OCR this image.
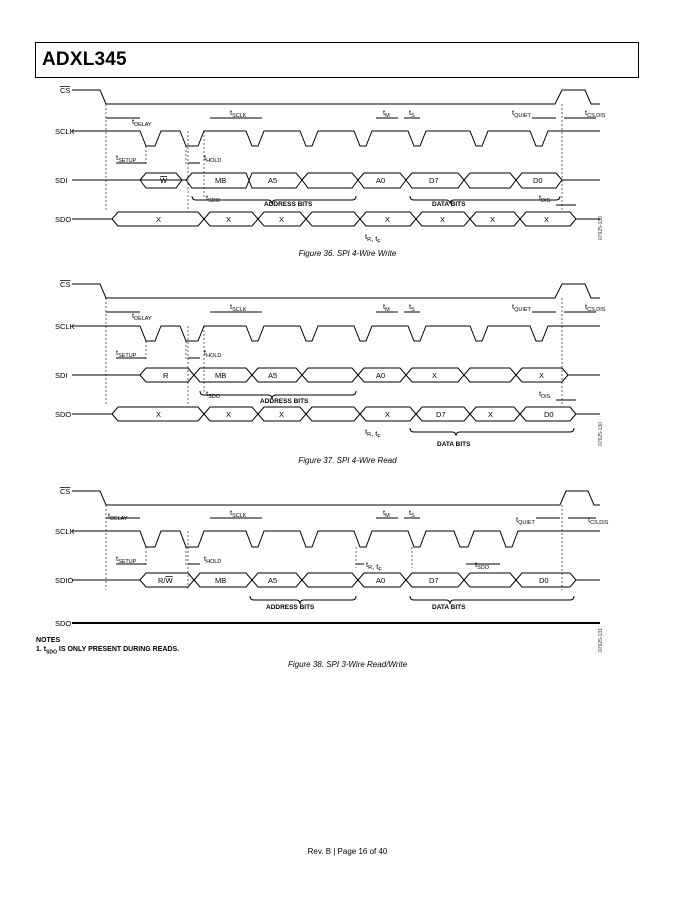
ADXL345
CS
SCLK
SDI
SDO
W	MB	A5	A0	D7	D0
X	X	X	X	X	X	X
ADDRESS BITS	DATA BITS
$t_{DELAY}$
$t_{SCLK}$	$t_M$	$t_S$	$t_{QUIET}$	$t_{CS,DIS}$
$t_{SETUP}$	$t_{HOLD}$
$t_{SDO}$	$t_{DIS}$
$t_R$, $t_F$
Figure 36. SPI 4-Wire Write
07925-130
CS
SCLK
SDI
SDO
R	MB	A5	A0	X	X
X	X	X	X	D7	X	D0
ADDRESS BITS
DATA BITS
$t_{DELAY}$
$t_{SCLK}$	$t_M$	$t_S$	$t_{QUIET}$	$t_{CS,DIS}$
$t_{SETUP}$	$t_{HOLD}$
$t_{SDO}$	$t_{DIS}$
$t_R$, $t_F$
Figure 37. SPI 4-Wire Read
07925-130
CS
SCLK
SDIO
SDO
R/W	MB	A5	A0	D7	D0
ADDRESS BITS	DATA BITS
$t_{DELAY}$
$t_{SCLK}$	$t_M$	$t_S$	$t_{QUIET}$	$t_{CS,DIS}$
$t_{SETUP}$	$t_{HOLD}$	$t_R$, $t_F$
$t_{SDO}$
Figure 38. SPI 3-Wire Read/Write
07925-131
NOTES
1. $t_{SDO}$ IS ONLY PRESENT DURING READS.
Rev. B | Page 16 of 40
